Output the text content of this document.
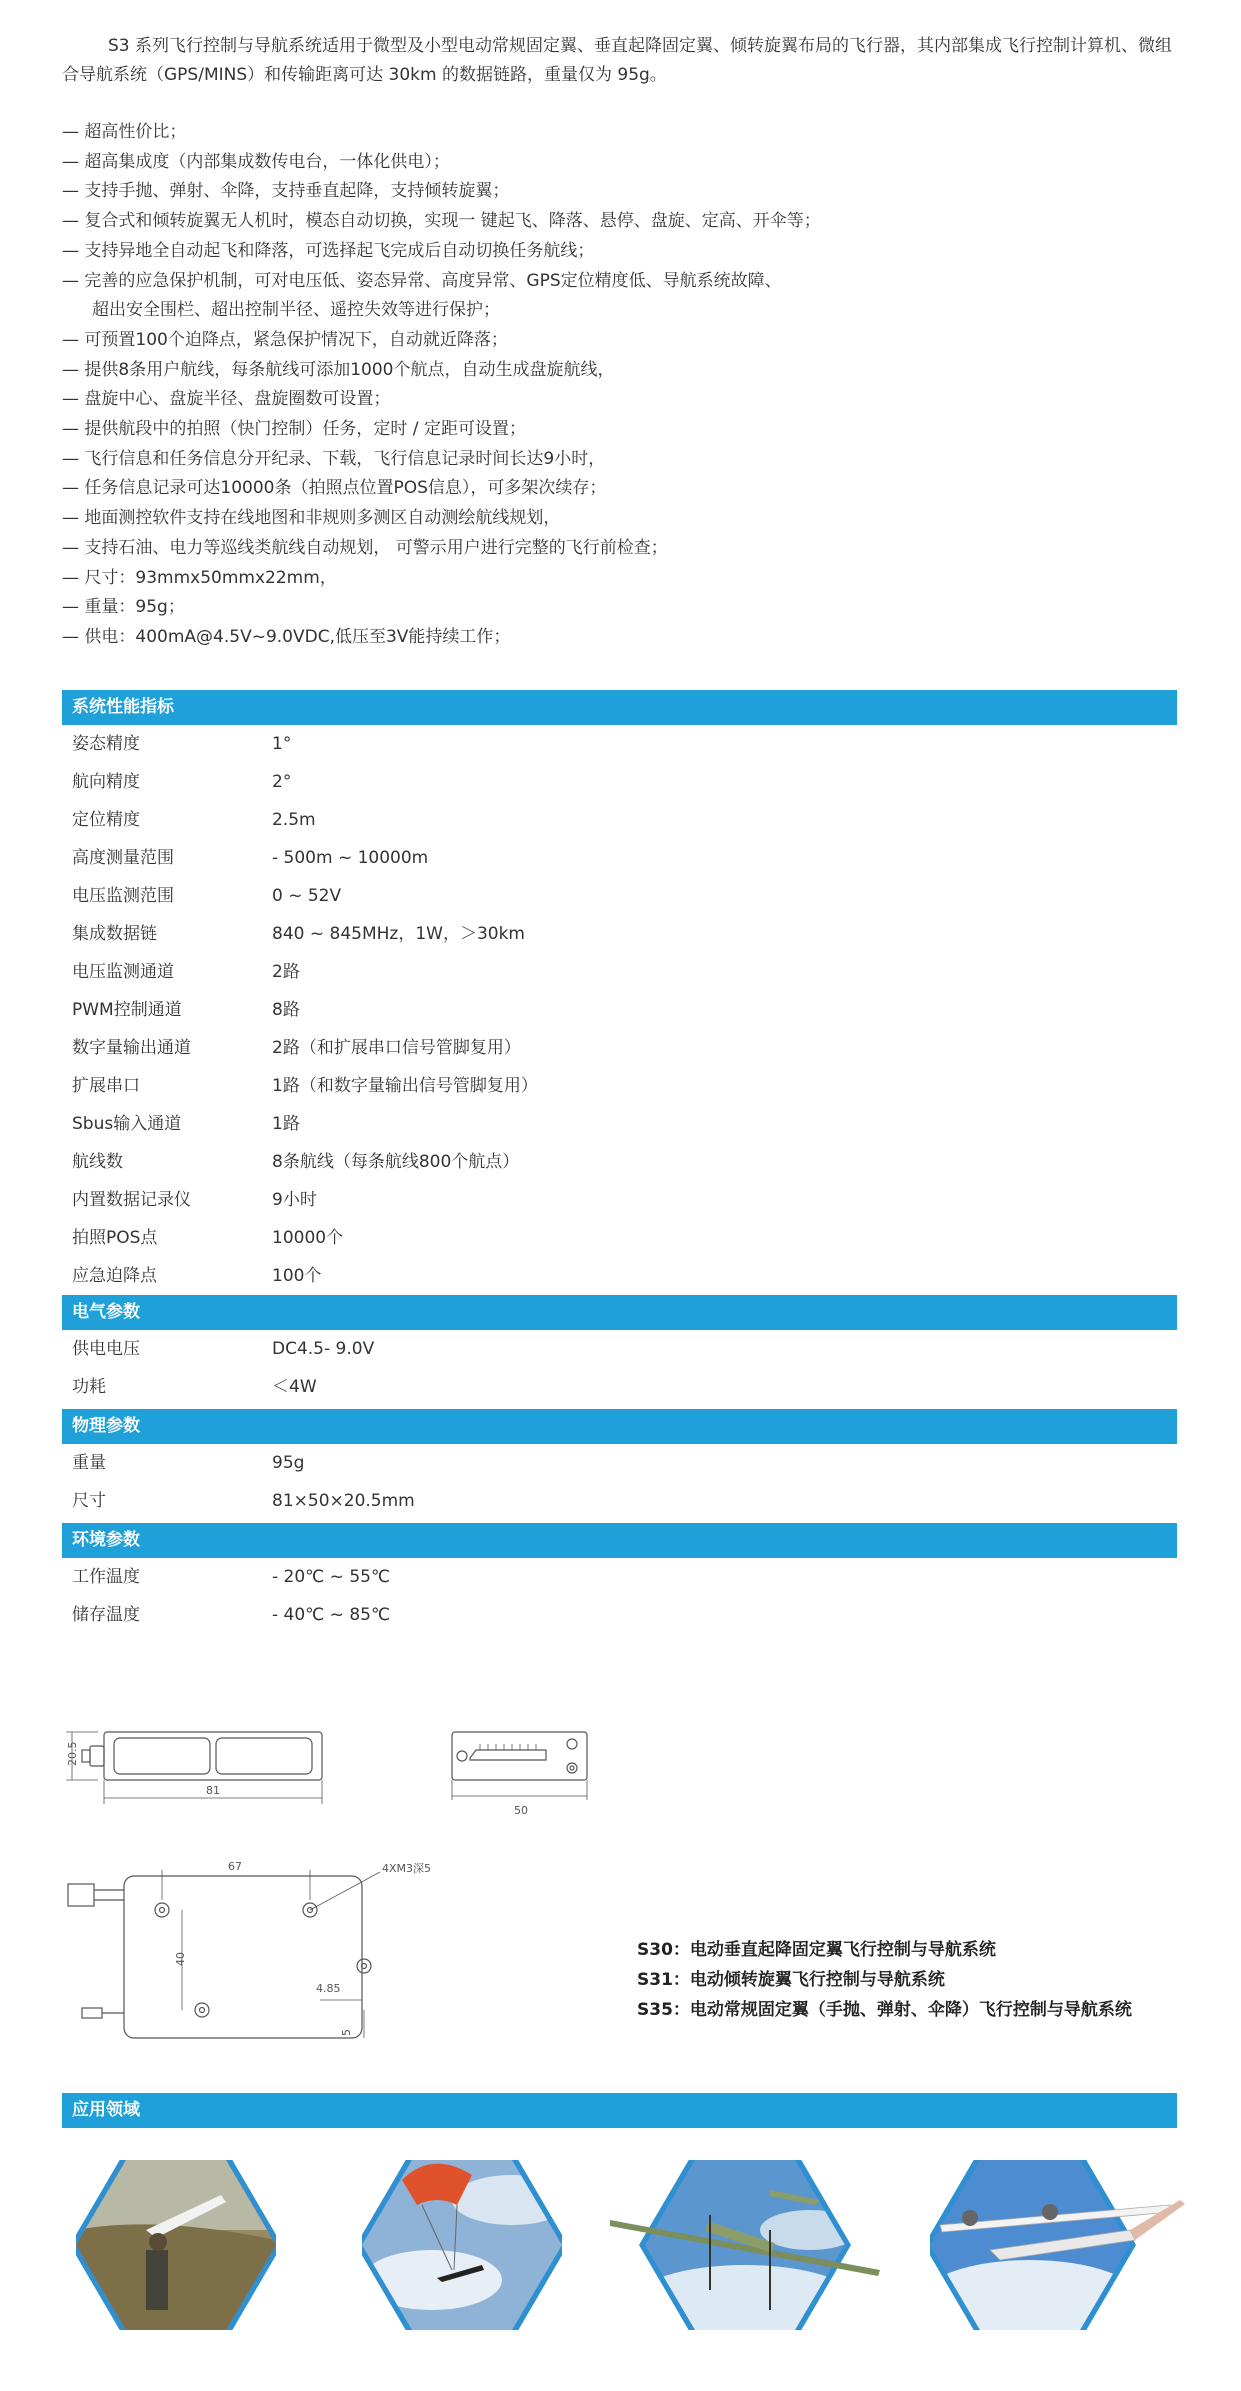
S3 系列飞行控制与导航系统适用于微型及小型电动常规固定翼、垂直起降固定翼、倾转旋翼布局的飞行器，其内部集成飞行控制计算机、微组合导航系统（GPS/MINS）和传输距离可达 30km 的数据链路，重量仅为 95g。

— 超高性价比；
— 超高集成度（内部集成数传电台，一体化供电）；
— 支持手抛、弹射、伞降，支持垂直起降，支持倾转旋翼；
— 复合式和倾转旋翼无人机时，模态自动切换，实现一 键起飞、降落、悬停、盘旋、定高、开伞等；
— 支持异地全自动起飞和降落，可选择起飞完成后自动切换任务航线；
— 完善的应急保护机制，可对电压低、姿态异常、高度异常、GPS定位精度低、导航系统故障、
超出安全围栏、超出控制半径、遥控失效等进行保护；
— 可预置100个迫降点，紧急保护情况下，自动就近降落；
— 提供8条用户航线，每条航线可添加1000个航点，自动生成盘旋航线，
— 盘旋中心、盘旋半径、盘旋圈数可设置；
— 提供航段中的拍照（快门控制）任务，定时 / 定距可设置；
— 飞行信息和任务信息分开纪录、下载，飞行信息记录时间长达9小时，
— 任务信息记录可达10000条（拍照点位置POS信息），可多架次续存；
— 地面测控软件支持在线地图和非规则多测区自动测绘航线规划，
— 支持石油、电力等巡线类航线自动规划， 可警示用户进行完整的飞行前检查；
— 尺寸：93mmx50mmx22mm，
— 重量：95g；
— 供电：400mA@4.5V~9.0VDC,低压至3V能持续工作；
系统性能指标
姿态精度	1°
航向精度	2°
定位精度	2.5m
高度测量范围	- 500m ~ 10000m
电压监测范围	0 ~ 52V
集成数据链	840 ~ 845MHz，1W，＞30km
电压监测通道	2路
PWM控制通道	8路
数字量输出通道	2路（和扩展串口信号管脚复用）
扩展串口	1路（和数字量输出信号管脚复用）
Sbus输入通道	1路
航线数	8条航线（每条航线800个航点）
内置数据记录仪	9小时
拍照POS点	10000个
应急迫降点	100个
电气参数
供电电压	DC4.5- 9.0V
功耗	＜4W
物理参数
重量	95g
尺寸	81×50×20.5mm
环境参数
工作温度	- 20℃ ~ 55℃
储存温度	- 40℃ ~ 85℃
20.5
81
50
67
40
4XM3深5
4.85
5
S30：电动垂直起降固定翼飞行控制与导航系统
S31：电动倾转旋翼飞行控制与导航系统
S35：电动常规固定翼（手抛、弹射、伞降）飞行控制与导航系统
应用领域
